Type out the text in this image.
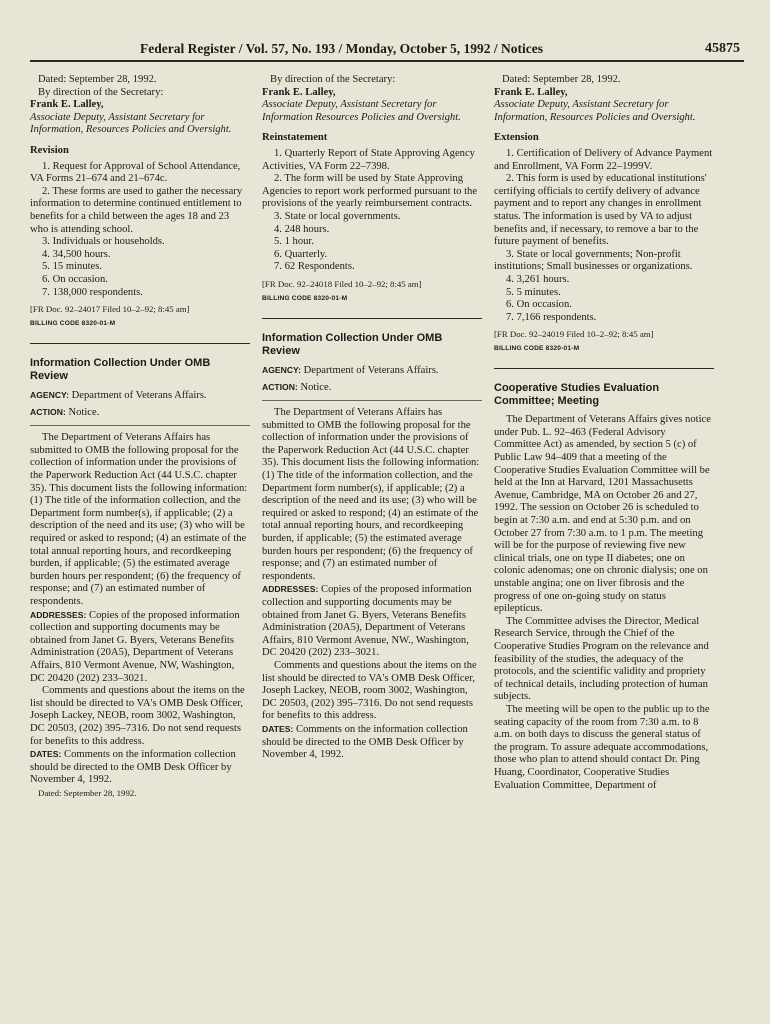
Federal Register / Vol. 57, No. 193 / Monday, October 5, 1992 / Notices	45875

Dated: September 28, 1992.

By direction of the Secretary:

Frank E. Lalley,

Associate Deputy, Assistant Secretary for Information, Resources Policies and Oversight.

Revision

1. Request for Approval of School Attendance, VA Forms 21–674 and 21–674c.

2. These forms are used to gather the necessary information to determine continued entitlement to benefits for a child between the ages 18 and 23 who is attending school.

3. Individuals or households.

4. 34,500 hours.

5. 15 minutes.

6. On occasion.

7. 138,000 respondents.

[FR Doc. 92–24017 Filed 10–2–92; 8:45 am]

BILLING CODE 8320-01-M

Information Collection Under OMB Review

AGENCY: Department of Veterans Affairs.

ACTION: Notice.

The Department of Veterans Affairs has submitted to OMB the following proposal for the collection of information under the provisions of the Paperwork Reduction Act (44 U.S.C. chapter 35). This document lists the following information: (1) The title of the information collection, and the Department form number(s), if applicable; (2) a description of the need and its use; (3) who will be required or asked to respond; (4) an estimate of the total annual reporting hours, and recordkeeping burden, if applicable; (5) the estimated average burden hours per respondent; (6) the frequency of response; and (7) an estimated number of respondents.

ADDRESSES: Copies of the proposed information collection and supporting documents may be obtained from Janet G. Byers, Veterans Benefits Administration (20A5), Department of Veterans Affairs, 810 Vermont Avenue, NW, Washington, DC 20420 (202) 233–3021.

Comments and questions about the items on the list should be directed to VA's OMB Desk Officer, Joseph Lackey, NEOB, room 3002, Washington, DC 20503, (202) 395–7316. Do not send requests for benefits to this address.

DATES: Comments on the information collection should be directed to the OMB Desk Officer by November 4, 1992.

Dated: September 28, 1992.

By direction of the Secretary:

Frank E. Lalley,

Associate Deputy, Assistant Secretary for Information Resources Policies and Oversight.

Reinstatement

1. Quarterly Report of State Approving Agency Activities, VA Form 22–7398.

2. The form will be used by State Approving Agencies to report work performed pursuant to the provisions of the yearly reimbursement contracts.

3. State or local governments.

4. 248 hours.

5. 1 hour.

6. Quarterly.

7. 62 Respondents.

[FR Doc. 92–24018 Filed 10–2–92; 8:45 am]

BILLING CODE 8320-01-M

Information Collection Under OMB Review

AGENCY: Department of Veterans Affairs.

ACTION: Notice.

The Department of Veterans Affairs has submitted to OMB the following proposal for the collection of information under the provisions of the Paperwork Reduction Act (44 U.S.C. chapter 35). This document lists the following information: (1) The title of the information collection, and the Department form number(s), if applicable; (2) a description of the need and its use; (3) who will be required or asked to respond; (4) an estimate of the total annual reporting hours, and recordkeeping burden, if applicable; (5) the estimated average burden hours per respondent; (6) the frequency of response; and (7) an estimated number of respondents.

ADDRESSES: Copies of the proposed information collection and supporting documents may be obtained from Janet G. Byers, Veterans Benefits Administration (20A5), Department of Veterans Affairs, 810 Vermont Avenue, NW., Washington, DC 20420 (202) 233–3021.

Comments and questions about the items on the list should be directed to VA's OMB Desk Officer, Joseph Lackey, NEOB, room 3002, Washington, DC 20503, (202) 395–7316. Do not send requests for benefits to this address.

DATES: Comments on the information collection should be directed to the OMB Desk Officer by November 4, 1992.

Dated: September 28, 1992.

Frank E. Lalley,

Associate Deputy, Assistant Secretary for Information, Resources Policies and Oversight.

Extension

1. Certification of Delivery of Advance Payment and Enrollment, VA Form 22–1999V.

2. This form is used by educational institutions' certifying officials to certify delivery of advance payment and to report any changes in enrollment status. The information is used by VA to adjust benefits and, if necessary, to remove a bar to the future payment of benefits.

3. State or local governments; Non-profit institutions; Small businesses or organizations.

4. 3,261 hours.

5. 5 minutes.

6. On occasion.

7. 7,166 respondents.

[FR Doc. 92–24019 Filed 10–2–92; 8:45 am]

BILLING CODE 8320-01-M

Cooperative Studies Evaluation Committee; Meeting

The Department of Veterans Affairs gives notice under Pub. L. 92–463 (Federal Advisory Committee Act) as amended, by section 5 (c) of Public Law 94–409 that a meeting of the Cooperative Studies Evaluation Committee will be held at the Inn at Harvard, 1201 Massachusetts Avenue, Cambridge, MA on October 26 and 27, 1992. The session on October 26 is scheduled to begin at 7:30 a.m. and end at 5:30 p.m. and on October 27 from 7:30 a.m. to 1 p.m. The meeting will be for the purpose of reviewing five new clinical trials, one on type II diabetes; one on colonic adenomas; one on chronic dialysis; one on unstable angina; one on liver fibrosis and the progress of one on-going study on status epilepticus.

The Committee advises the Director, Medical Research Service, through the Chief of the Cooperative Studies Program on the relevance and feasibility of the studies, the adequacy of the protocols, and the scientific validity and propriety of technical details, including protection of human subjects.

The meeting will be open to the public up to the seating capacity of the room from 7:30 a.m. to 8 a.m. on both days to discuss the general status of the program. To assure adequate accommodations, those who plan to attend should contact Dr. Ping Huang, Coordinator, Cooperative Studies Evaluation Committee, Department of
